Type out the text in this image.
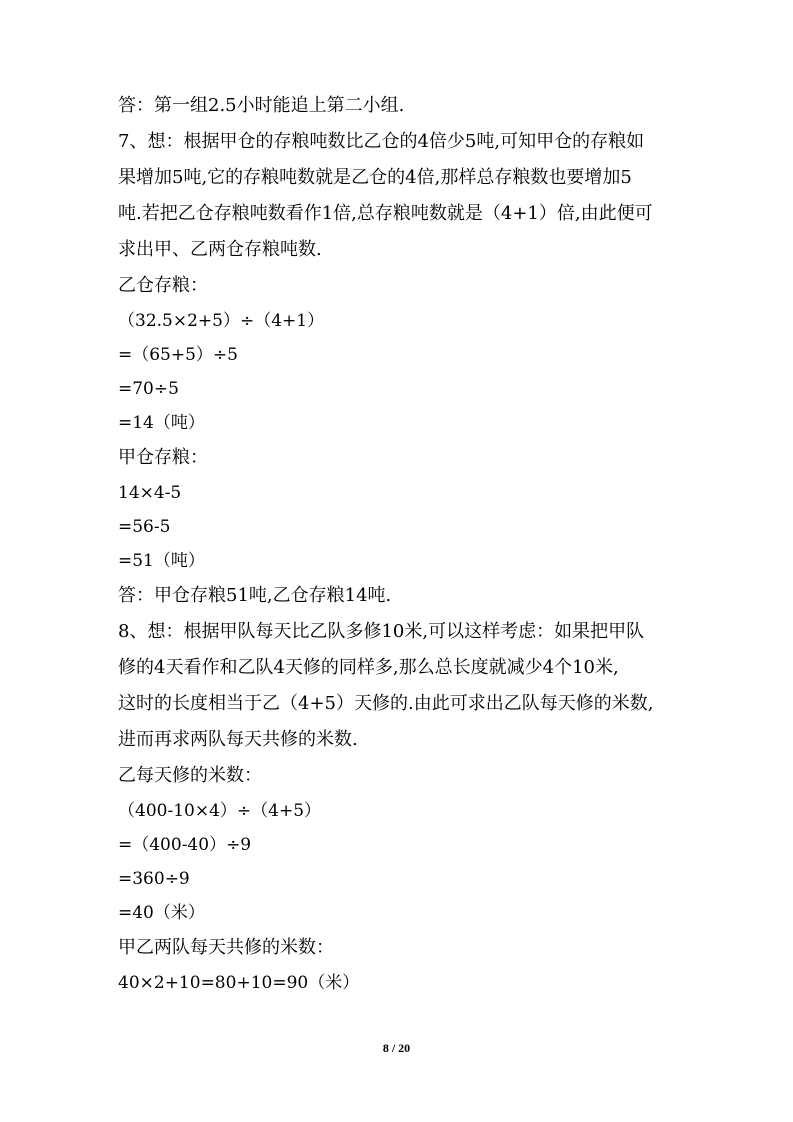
答：第一组2.5小时能追上第二小组.
7、想：根据甲仓的存粮吨数比乙仓的4倍少5吨,可知甲仓的存粮如
果增加5吨,它的存粮吨数就是乙仓的4倍,那样总存粮数也要增加5
吨.若把乙仓存粮吨数看作1倍,总存粮吨数就是（4+1）倍,由此便可
求出甲、乙两仓存粮吨数.
乙仓存粮：
（32.5×2+5）÷（4+1）
=（65+5）÷5
=70÷5
=14（吨）
甲仓存粮：
14×4-5
=56-5
=51（吨）
答：甲仓存粮51吨,乙仓存粮14吨.
8、想：根据甲队每天比乙队多修10米,可以这样考虑：如果把甲队
修的4天看作和乙队4天修的同样多,那么总长度就减少4个10米,
这时的长度相当于乙（4+5）天修的.由此可求出乙队每天修的米数,
进而再求两队每天共修的米数.
乙每天修的米数：
（400-10×4）÷（4+5）
=（400-40）÷9
=360÷9
=40（米）
甲乙两队每天共修的米数：
40×2+10=80+10=90（米）
8 / 20
